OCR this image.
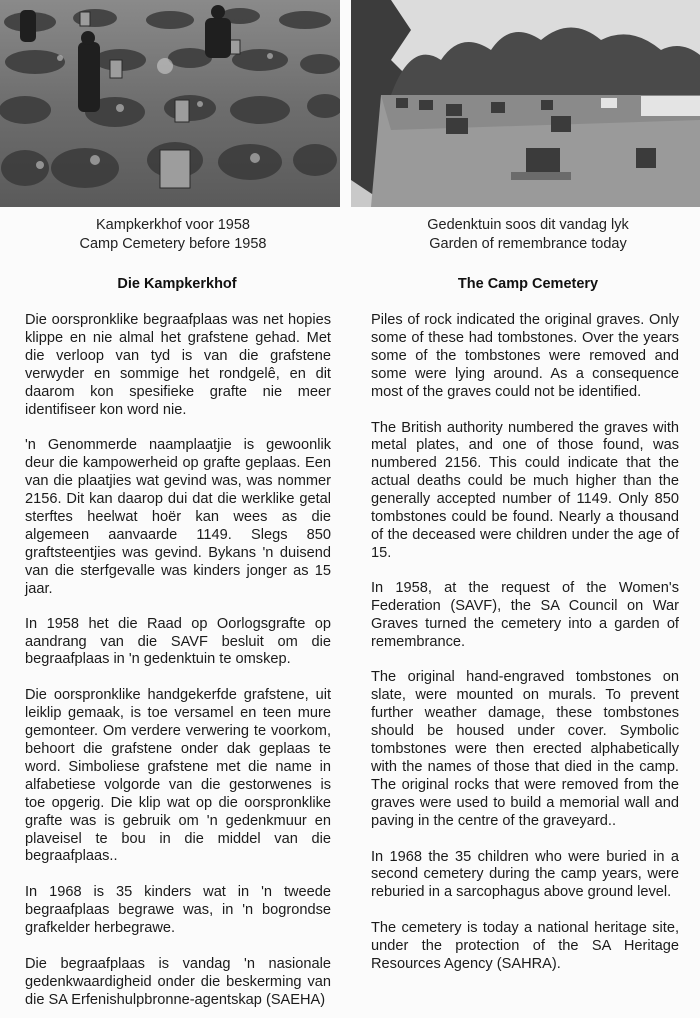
Kampkerkhof voor 1958
Camp Cemetery before 1958
Gedenktuin soos dit vandag lyk
Garden of remembrance today
Die Kampkerkhof	The Camp Cemetery

Die oorspronklike begraafplaas was net hopies klippe en nie almal het grafstene gehad. Met die verloop van tyd is van die grafstene verwyder en sommige het rondgelê, en dit daarom kon spesifieke grafte nie meer identifiseer kon word nie.

'n Genommerde naamplaatjie is gewoonlik deur die kampowerheid op grafte geplaas. Een van die plaatjies wat gevind was, was nommer 2156. Dit kan daarop dui dat die werklike getal sterftes heelwat hoër kan wees as die algemeen aanvaarde 1149. Slegs 850 graftsteentjies was gevind. Bykans 'n duisend van die sterfgevalle was kinders jonger as 15 jaar.

In 1958 het die Raad op Oorlogsgrafte op aandrang van die SAVF besluit om die begraafplaas in 'n gedenktuin te omskep.

Die oorspronklike handgekerfde grafstene, uit leiklip gemaak, is toe versamel en teen mure gemonteer. Om verdere verwering te voorkom, behoort die grafstene onder dak geplaas te word. Simboliese grafstene met die name in alfabetiese volgorde van die gestorwenes is toe opgerig. Die klip wat op die oorspronklike grafte was is gebruik om 'n gedenkmuur en plaveisel te bou in die middel van die begraafplaas..

In 1968 is 35 kinders wat in 'n tweede begraafplaas begrawe was, in 'n bogrondse grafkelder herbegrawe.

Die begraafplaas is vandag 'n nasionale gedenkwaardigheid onder die beskerming van die SA Erfenishulpbronne-agentskap (SAEHA)

Piles of rock indicated the original graves. Only some of these had tombstones. Over the years some of the tombstones were removed and some were lying around. As a consequence most of the graves could not be identified.

The British authority numbered the graves with metal plates, and one of those found, was numbered 2156. This could indicate that the actual deaths could be much higher than the generally accepted number of 1149. Only 850 tombstones could be found. Nearly a thousand of the deceased were children under the age of 15.

In 1958, at the request of the Women's Federation (SAVF), the SA Council on War Graves turned the cemetery into a garden of remembrance.

The original hand-engraved tombstones on slate, were mounted on murals. To prevent further weather damage, these tombstones should be housed under cover. Symbolic tombstones were then erected alphabetically with the names of those that died in the camp. The original rocks that were removed from the graves were used to build a memorial wall and paving in the centre of the graveyard..

In 1968 the 35 children who were buried in a second cemetery during the camp years, were reburied in a sarcophagus above ground level.

The cemetery is today a national heritage site, under the protection of the SA Heritage Resources Agency (SAHRA).
